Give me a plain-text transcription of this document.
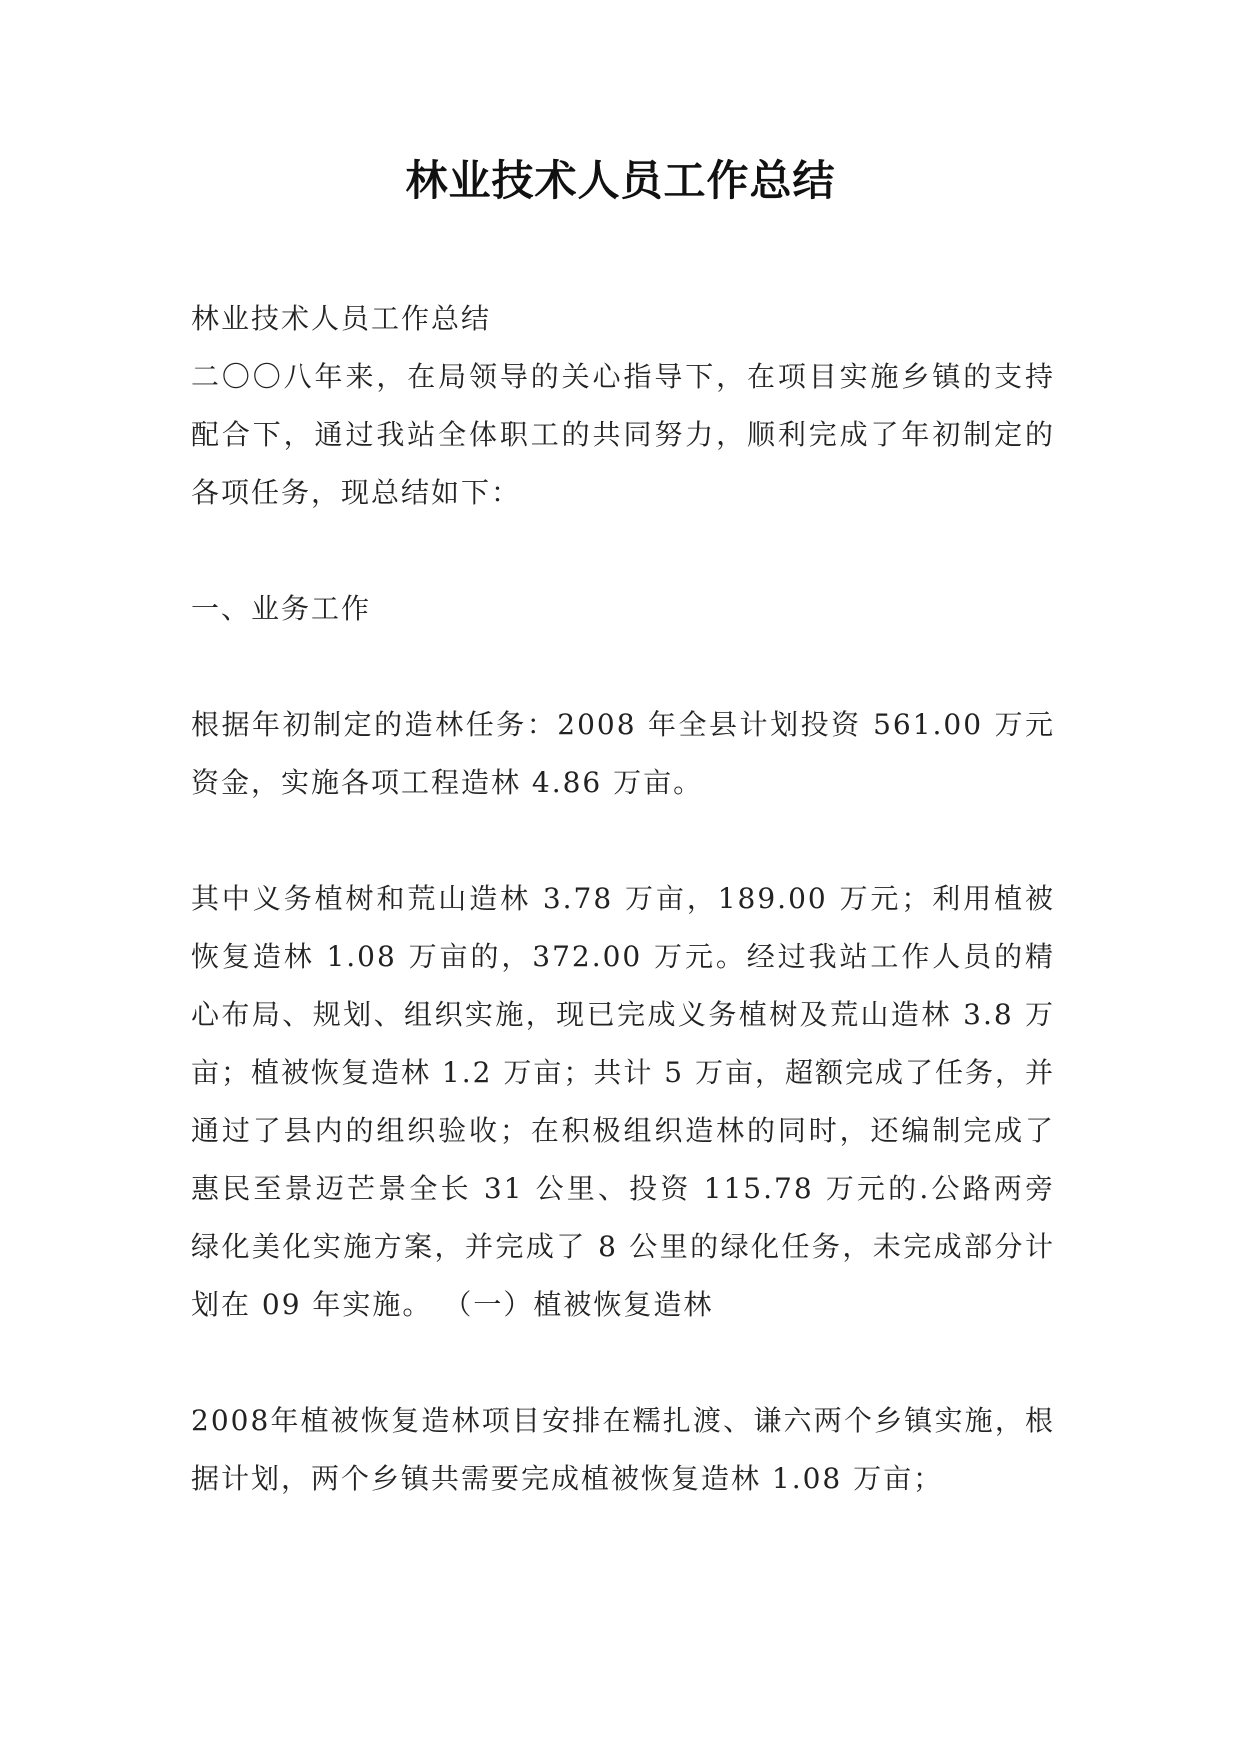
林业技术人员工作总结

林业技术人员工作总结

二〇〇八年来，在局领导的关心指导下，在项目实施乡镇的支持配合下，通过我站全体职工的共同努力，顺利完成了年初制定的各项任务，现总结如下：

一、业务工作

根据年初制定的造林任务：2008 年全县计划投资 561.00 万元资金，实施各项工程造林 4.86 万亩。

其中义务植树和荒山造林 3.78 万亩，189.00 万元；利用植被恢复造林 1.08 万亩的，372.00 万元。经过我站工作人员的精心布局、规划、组织实施，现已完成义务植树及荒山造林 3.8 万亩；植被恢复造林 1.2 万亩；共计 5 万亩，超额完成了任务，并通过了县内的组织验收；在积极组织造林的同时，还编制完成了惠民至景迈芒景全长 31 公里、投资 115.78 万元的.公路两旁绿化美化实施方案，并完成了 8 公里的绿化任务，未完成部分计划在 09 年实施。 （一）植被恢复造林

2008年植被恢复造林项目安排在糯扎渡、谦六两个乡镇实施，根据计划，两个乡镇共需要完成植被恢复造林 1.08 万亩；
